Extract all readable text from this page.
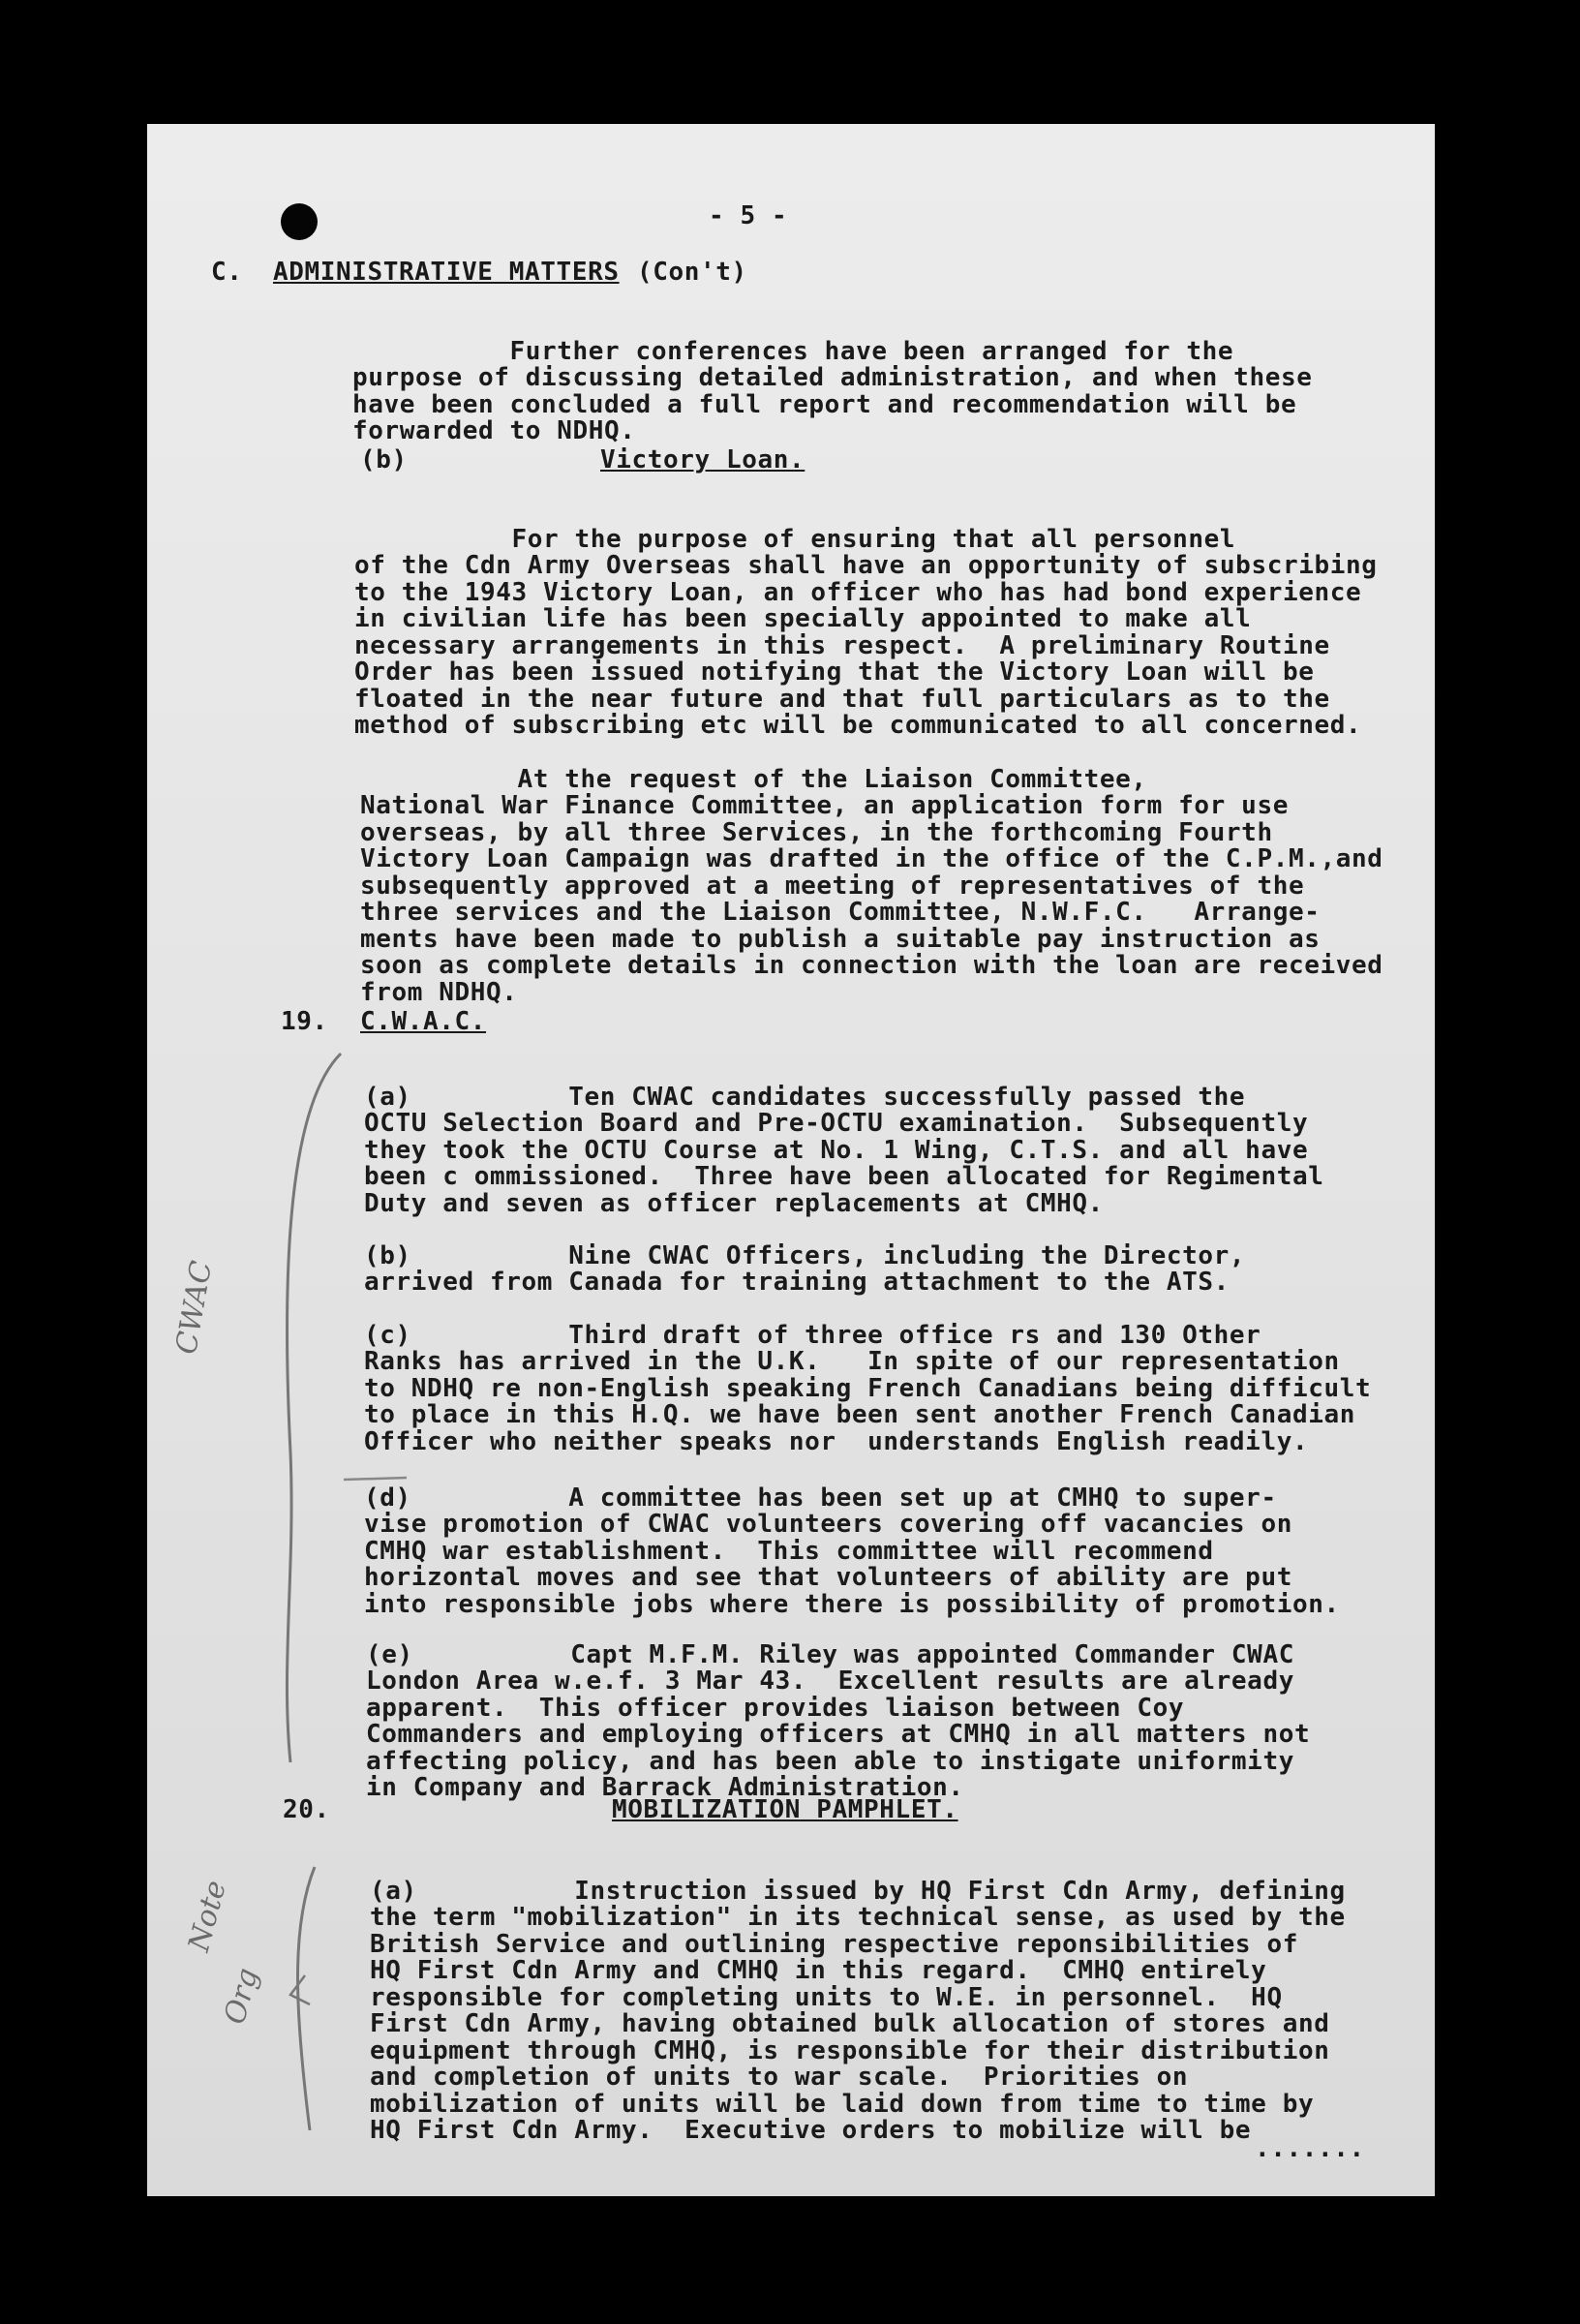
CWAC
Note
Org
- 5 -
C. ADMINISTRATIVE MATTERS (Con't)

Further conferences have been arranged for the
purpose of discussing detailed administration, and when these
have been concluded a full report and recommendation will be
forwarded to NDHQ.

(b)	Victory Loan.

For the purpose of ensuring that all personnel
of the Cdn Army Overseas shall have an opportunity of subscribing
to the 1943 Victory Loan, an officer who has had bond experience
in civilian life has been specially appointed to make all
necessary arrangements in this respect.  A preliminary Routine
Order has been issued notifying that the Victory Loan will be
floated in the near future and that full particulars as to the
method of subscribing etc will be communicated to all concerned.

At the request of the Liaison Committee,
National War Finance Committee, an application form for use
overseas, by all three Services, in the forthcoming Fourth
Victory Loan Campaign was drafted in the office of the C.P.M.,and
subsequently approved at a meeting of representatives of the
three services and the Liaison Committee, N.W.F.C.   Arrange-
ments have been made to publish a suitable pay instruction as
soon as complete details in connection with the loan are received
from NDHQ.

19. C.W.A.C.

(a)          Ten CWAC candidates successfully passed the
OCTU Selection Board and Pre-OCTU examination.  Subsequently
they took the OCTU Course at No. 1 Wing, C.T.S. and all have
been c ommissioned.  Three have been allocated for Regimental
Duty and seven as officer replacements at CMHQ.

(b)          Nine CWAC Officers, including the Director,
arrived from Canada for training attachment to the ATS.

(c)          Third draft of three office rs and 130 Other
Ranks has arrived in the U.K.   In spite of our representation
to NDHQ re non-English speaking French Canadians being difficult
to place in this H.Q. we have been sent another French Canadian
Officer who neither speaks nor  understands English readily.

(d)          A committee has been set up at CMHQ to super-
vise promotion of CWAC volunteers covering off vacancies on
CMHQ war establishment.  This committee will recommend
horizontal moves and see that volunteers of ability are put
into responsible jobs where there is possibility of promotion.

(e)          Capt M.F.M. Riley was appointed Commander CWAC
London Area w.e.f. 3 Mar 43.  Excellent results are already
apparent.  This officer provides liaison between Coy
Commanders and employing officers at CMHQ in all matters not
affecting policy, and has been able to instigate uniformity
in Company and Barrack Administration.

20.	MOBILIZATION PAMPHLET.

(a)          Instruction issued by HQ First Cdn Army, defining
the term "mobilization" in its technical sense, as used by the
British Service and outlining respective reponsibilities of
HQ First Cdn Army and CMHQ in this regard.  CMHQ entirely
responsible for completing units to W.E. in personnel.  HQ
First Cdn Army, having obtained bulk allocation of stores and
equipment through CMHQ, is responsible for their distribution
and completion of units to war scale.  Priorities on
mobilization of units will be laid down from time to time by
HQ First Cdn Army.  Executive orders to mobilize will be

.......
